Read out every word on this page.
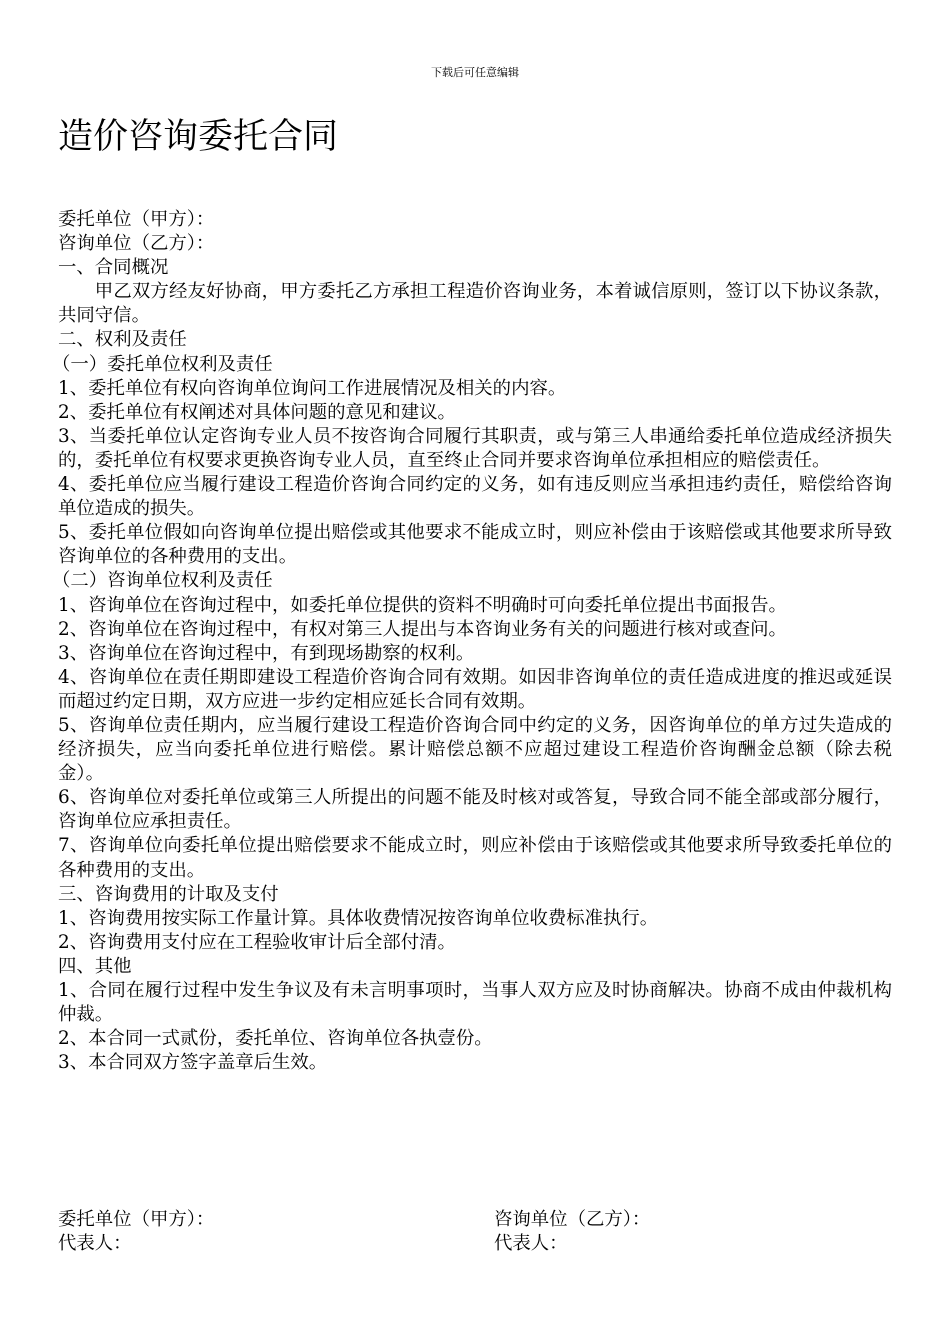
下载后可任意编辑
造价咨询委托合同

委托单位（甲方）：

咨询单位（乙方）：

一、合同概况

甲乙双方经友好协商，甲方委托乙方承担工程造价咨询业务，本着诚信原则，签订以下协议条款，共同守信。

二、权利及责任

（一）委托单位权利及责任

1、委托单位有权向咨询单位询问工作进展情况及相关的内容。

2、委托单位有权阐述对具体问题的意见和建议。

3、当委托单位认定咨询专业人员不按咨询合同履行其职责，或与第三人串通给委托单位造成经济损失的，委托单位有权要求更换咨询专业人员，直至终止合同并要求咨询单位承担相应的赔偿责任。

4、委托单位应当履行建设工程造价咨询合同约定的义务，如有违反则应当承担违约责任，赔偿给咨询单位造成的损失。

5、委托单位假如向咨询单位提出赔偿或其他要求不能成立时，则应补偿由于该赔偿或其他要求所导致咨询单位的各种费用的支出。

（二）咨询单位权利及责任

1、咨询单位在咨询过程中，如委托单位提供的资料不明确时可向委托单位提出书面报告。

2、咨询单位在咨询过程中，有权对第三人提出与本咨询业务有关的问题进行核对或查问。

3、咨询单位在咨询过程中，有到现场勘察的权利。

4、咨询单位在责任期即建设工程造价咨询合同有效期。如因非咨询单位的责任造成进度的推迟或延误而超过约定日期，双方应进一步约定相应延长合同有效期。

5、咨询单位责任期内，应当履行建设工程造价咨询合同中约定的义务，因咨询单位的单方过失造成的经济损失，应当向委托单位进行赔偿。累计赔偿总额不应超过建设工程造价咨询酬金总额（除去税金）。

6、咨询单位对委托单位或第三人所提出的问题不能及时核对或答复，导致合同不能全部或部分履行，咨询单位应承担责任。

7、咨询单位向委托单位提出赔偿要求不能成立时，则应补偿由于该赔偿或其他要求所导致委托单位的各种费用的支出。

三、咨询费用的计取及支付

1、咨询费用按实际工作量计算。具体收费情况按咨询单位收费标准执行。

2、咨询费用支付应在工程验收审计后全部付清。

四、其他

1、合同在履行过程中发生争议及有未言明事项时，当事人双方应及时协商解决。协商不成由仲裁机构仲裁。

2、本合同一式贰份，委托单位、咨询单位各执壹份。

3、本合同双方签字盖章后生效。

委托单位（甲方）：

代表人：

咨询单位（乙方）：

代表人：
